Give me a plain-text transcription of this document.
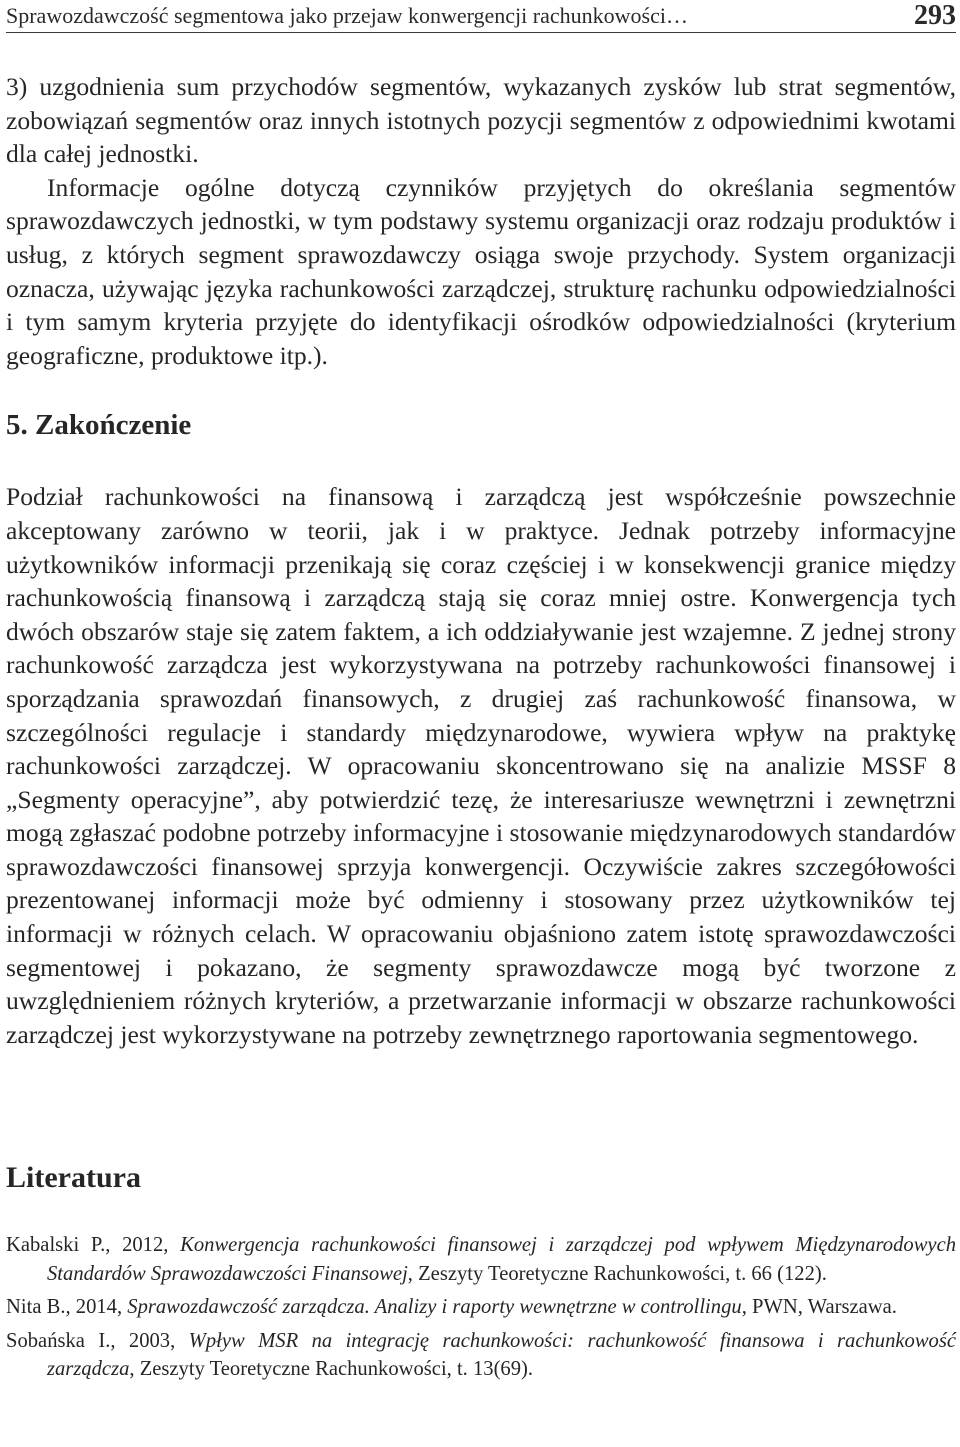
Sprawozdawczość segmentowa jako przejaw konwergencji rachunkowości…	293

3) uzgodnienia sum przychodów segmentów, wykazanych zysków lub strat segmentów, zobowiązań segmentów oraz innych istotnych pozycji segmentów z odpowiednimi kwotami dla całej jednostki.

Informacje ogólne dotyczą czynników przyjętych do określania segmentów sprawozdawczych jednostki, w tym podstawy systemu organizacji oraz rodzaju produktów i usług, z których segment sprawozdawczy osiąga swoje przychody. System organizacji oznacza, używając języka rachunkowości zarządczej, strukturę rachunku odpowiedzialności i tym samym kryteria przyjęte do identyfikacji ośrodków odpowiedzialności (kryterium geograficzne, produktowe itp.).

5. Zakończenie

Podział rachunkowości na finansową i zarządczą jest współcześnie powszechnie akceptowany zarówno w teorii, jak i w praktyce. Jednak potrzeby informacyjne użytkowników informacji przenikają się coraz częściej i w konsekwencji granice między rachunkowością finansową i zarządczą stają się coraz mniej ostre. Konwergencja tych dwóch obszarów staje się zatem faktem, a ich oddziaływanie jest wzajemne. Z jednej strony rachunkowość zarządcza jest wykorzystywana na potrzeby rachunkowości finansowej i sporządzania sprawozdań finansowych, z drugiej zaś rachunkowość finansowa, w szczególności regulacje i standardy międzynarodowe, wywiera wpływ na praktykę rachunkowości zarządczej. W opracowaniu skoncentrowano się na analizie MSSF 8 „Segmenty operacyjne”, aby potwierdzić tezę, że interesariusze wewnętrzni i zewnętrzni mogą zgłaszać podobne potrzeby informacyjne i stosowanie międzynarodowych standardów sprawozdawczości finansowej sprzyja konwergencji. Oczywiście zakres szczegółowości prezentowanej informacji może być odmienny i stosowany przez użytkowników tej informacji w różnych celach. W opracowaniu objaśniono zatem istotę sprawozdawczości segmentowej i pokazano, że segmenty sprawozdawcze mogą być tworzone z uwzględnieniem różnych kryteriów, a przetwarzanie informacji w obszarze rachunkowości zarządczej jest wykorzystywane na potrzeby zewnętrznego raportowania segmentowego.

Literatura

Kabalski P., 2012, Konwergencja rachunkowości finansowej i zarządczej pod wpływem Międzynarodowych Standardów Sprawozdawczości Finansowej, Zeszyty Teoretyczne Rachunkowości, t. 66 (122).

Nita B., 2014, Sprawozdawczość zarządcza. Analizy i raporty wewnętrzne w controllingu, PWN, Warszawa.

Sobańska I., 2003, Wpływ MSR na integrację rachunkowości: rachunkowość finansowa i rachunkowość zarządcza, Zeszyty Teoretyczne Rachunkowości, t. 13(69).
